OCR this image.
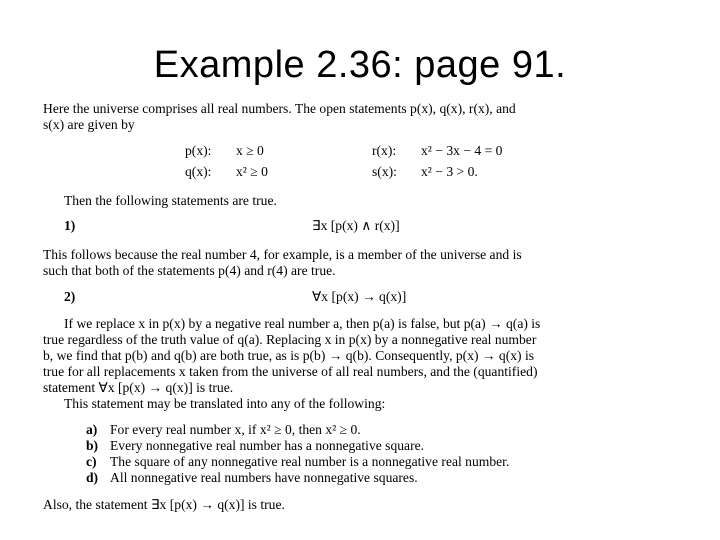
Example 2.36: page 91.
Here the universe comprises all real numbers. The open statements p(x), q(x), r(x), and
s(x) are given by
p(x): x ≥ 0	r(x): x² − 3x − 4 = 0
q(x): x² ≥ 0	s(x): x² − 3 > 0.
Then the following statements are true.
1)	∃x [p(x) ∧ r(x)]
This follows because the real number 4, for example, is a member of the universe and is
such that both of the statements p(4) and r(4) are true.
2)	∀x [p(x) → q(x)]
If we replace x in p(x) by a negative real number a, then p(a) is false, but p(a) → q(a) is
true regardless of the truth value of q(a). Replacing x in p(x) by a nonnegative real number
b, we find that p(b) and q(b) are both true, as is p(b) → q(b). Consequently, p(x) → q(x) is
true for all replacements x taken from the universe of all real numbers, and the (quantified)
statement ∀x [p(x) → q(x)] is true.
This statement may be translated into any of the following:
a) For every real number x, if x² ≥ 0, then x² ≥ 0.
b) Every nonnegative real number has a nonnegative square.
c) The square of any nonnegative real number is a nonnegative real number.
d) All nonnegative real numbers have nonnegative squares.
Also, the statement ∃x [p(x) → q(x)] is true.
